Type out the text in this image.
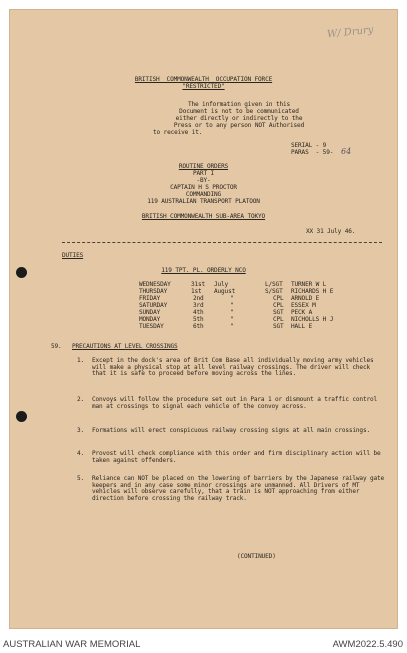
W/ Drury
BRITISH  COMMONWEALTH  OCCUPATION FORCE
"RESTRICTED"
The information given in this
Document is not to be communicated
either directly or indirectly to the
Press or to any person NOT Authorised
to receive it.
SERIAL - 9
PARAS  - 59- 64
ROUTINE ORDERS
PART I
-BY-
CAPTAIN H S PROCTOR
COMMANDING
119 AUSTRALIAN TRANSPORT PLATOON
BRITISH COMMONWEALTH SUB-AREA TOKYO
XX 31 July 46.
DUTIES
119 TPT. PL. ORDERLY NCO
WEDNESDAY	31st July	L/SGT TURNER W L
THURSDAY	1st August	S/SGT RICHARDS H E
FRIDAY	2nd	"	CPL ARNOLD E
SATURDAY	3rd	"	CPL ESSEX M
SUNDAY	4th	"	SGT PECK A
MONDAY	5th	"	CPL NICHOLLS H J
TUESDAY	6th	"	SGT HALL E
59. PRECAUTIONS AT LEVEL CROSSINGS
1. Except in the dock's area of Brit Com Base all individually moving army vehicles will make a physical stop at all level railway crossings. The driver will check that it is safe to proceed before moving across the lines.
2. Convoys will follow the procedure set out in Para 1 or dismount a traffic control man at crossings to signal each vehicle of the convoy across.
3. Formations will erect conspicuous railway crossing signs at all main crossings.
4. Provost will check compliance with this order and firm disciplinary action will be taken against offenders.
5. Reliance can NOT be placed on the lowering of barriers by the Japanese railway gate keepers and in any case some minor crossings are unmanned. All Drivers of MT vehicles will observe carefully, that a train is NOT approaching from either direction before crossing the railway track.
(CONTINUED)
AUSTRALIAN WAR MEMORIAL	AWM2022.5.490
